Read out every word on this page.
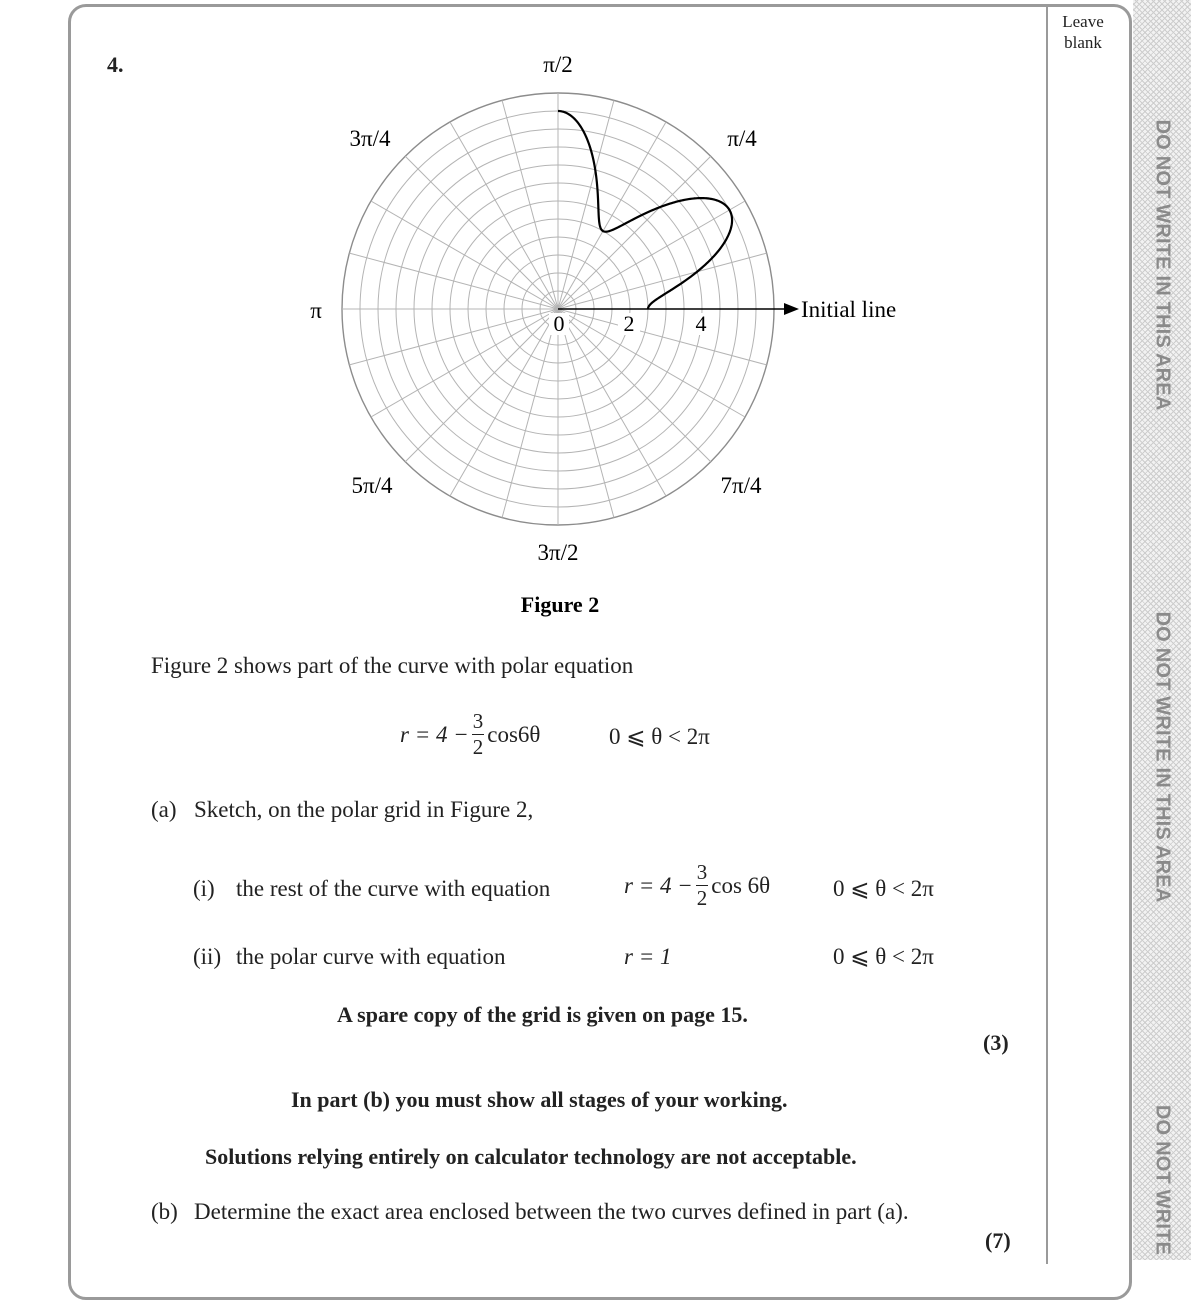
Leave blank
DO NOT WRITE IN THIS AREA
DO NOT WRITE IN THIS AREA
DO NOT WRITE
4.	π/2
π/4
3π/4
π
5π/4
3π/2
7π/4
0	2	4
Initial line
Figure 2
Figure 2 shows part of the curve with polar equation
$r = 4 - \frac{3}{2} \cos 6\theta$	0 ⩽ θ < 2π
(a) Sketch, on the polar grid in Figure 2,
(i) the rest of the curve with equation	$r = 4 - \frac{3}{2}$ cos 6θ	0 ⩽ θ < 2π
(ii) the polar curve with equation	r = 1	0 ⩽ θ < 2π
A spare copy of the grid is given on page 15.
(3)
In part (b) you must show all stages of your working.
Solutions relying entirely on calculator technology are not acceptable.
(b) Determine the exact area enclosed between the two curves defined in part (a).
(7)
